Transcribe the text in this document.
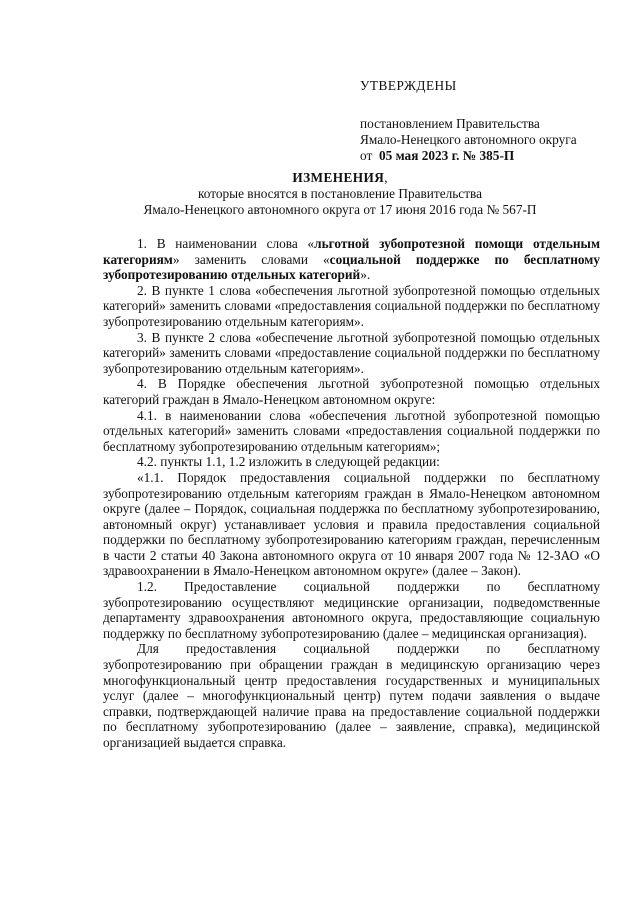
УТВЕРЖДЕНЫ
постановлением Правительства
Ямало-Ненецкого автономного округа
от 05 мая 2023 г. № 385-П
ИЗМЕНЕНИЯ,
которые вносятся в постановление Правительства
Ямало-Ненецкого автономного округа от 17 июня 2016 года № 567-П

1. В наименовании слова «льготной зубопротезной помощи отдельным категориям» заменить словами «социальной поддержке по бесплатному зубопротезированию отдельных категорий».

2. В пункте 1 слова «обеспечения льготной зубопротезной помощью отдельных категорий» заменить словами «предоставления социальной поддержки по бесплатному зубопротезированию отдельным категориям».

3. В пункте 2 слова «обеспечение льготной зубопротезной помощью отдельных категорий» заменить словами «предоставление социальной поддержки по бесплатному зубопротезированию отдельным категориям».

4. В Порядке обеспечения льготной зубопротезной помощью отдельных категорий граждан в Ямало-Ненецком автономном округе:

4.1. в наименовании слова «обеспечения льготной зубопротезной помощью отдельных категорий» заменить словами «предоставления социальной поддержки по бесплатному зубопротезированию отдельным категориям»;

4.2. пункты 1.1, 1.2 изложить в следующей редакции:

«1.1. Порядок предоставления социальной поддержки по бесплатному зубопротезированию отдельным категориям граждан в Ямало-Ненецком автономном округе (далее – Порядок, социальная поддержка по бесплатному зубопротезированию, автономный округ) устанавливает условия и правила предоставления социальной поддержки по бесплатному зубопротезированию категориям граждан, перечисленным в части 2 статьи 40 Закона автономного округа от 10 января 2007 года № 12-ЗАО «О здравоохранении в Ямало-Ненецком автономном округе» (далее – Закон).

1.2. Предоставление социальной поддержки по бесплатному зубопротезированию осуществляют медицинские организации, подведомственные департаменту здравоохранения автономного округа, предоставляющие социальную поддержку по бесплатному зубопротезированию (далее – медицинская организация).

Для предоставления социальной поддержки по бесплатному зубопротезированию при обращении граждан в медицинскую организацию через многофункциональный центр предоставления государственных и муниципальных услуг (далее – многофункциональный центр) путем подачи заявления о выдаче справки, подтверждающей наличие права на предоставление социальной поддержки по бесплатному зубопротезированию (далее – заявление, справка), медицинской организацией выдается справка.
